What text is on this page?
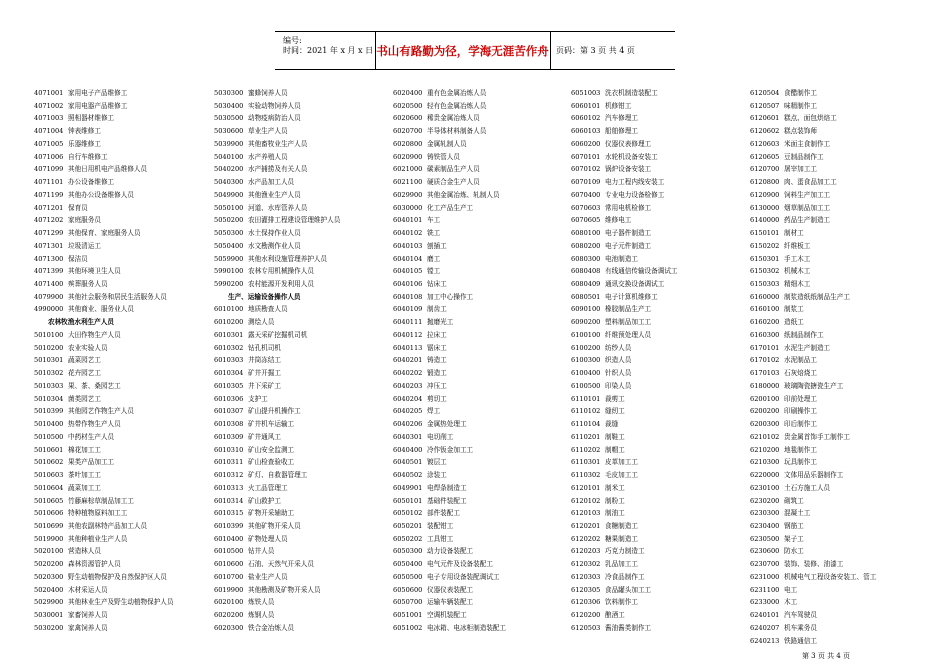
编号:
时间：2021 年 x 月 x 日 书山有路勤为径，学海无涯苦作舟 页码：第 3 页 共 4 页
4071001 家用电子产品维修工
4071002 家用电器产品维修工
4071003 照相器材维修工
4071004 钟表维修工
4071005 乐器维修工
4071006 自行车维修工
4071099 其他日用机电产品维修人员
4071101 办公设备维修工
4071199 其他办公设备维修人员
4071201 保育员
4071202 家庭服务员
4071299 其他保育、家庭服务人员
4071301 垃圾清运工
4071300 保洁员
4071399 其他环境卫生人员
4071400 殡葬服务人员
4079900 其他社会服务和居民生活服务人员
4990000 其他商业、服务业人员
农林牧渔水利生产人员
5010100 大田作物生产人员
5010200 农业实验人员
5010301 蔬菜园艺工
5010302 花卉园艺工
5010303 果、茶、桑园艺工
5010304 菌类园艺工
5010399 其他园艺作物生产人员
5010400 热带作物生产人员
5010500 中药材生产人员
5010601 棉花加工工
5010602 果类产品加工工
5010603 茶叶加工工
5010604 蔬菜加工工
5010605 竹藤麻棕草制品加工工
5010606 特种植物原料加工工
5010699 其他农副林特产品加工人员
5019900 其他种植业生产人员
5020100 营造林人员
5020200 森林资源管护人员
5020300 野生动植物保护及自然保护区人员
5020400 木材采运人员
5029900 其他林业生产及野生动植物保护人员
5030001 家畜饲养人员
5030200 家禽饲养人员
5030300 蜜蜂饲养人员
5030400 实验动物饲养人员
5030500 动物疫病防治人员
5030600 草业生产人员
5039900 其他畜牧业生产人员
5040100 水产养殖人员
5040200 水产捕捞及有关人员
5040300 水产品加工人员
5049900 其他渔业生产人员
5050100 河道、水库管养人员
5050200 农田灌排工程建设管理维护人员
5050300 水土保持作业人员
5050400 水文勘测作业人员
5059900 其他水利设施管理养护人员
5990100 农林专用机械操作人员
5990200 农村能源开发利用人员
生产、运输设备操作人员
6010100 地质勘查人员
6010200 测绘人员
6010301 露天采矿挖掘机司机
6010302 钻孔机司机
6010303 井筒冻结工
6010304 矿井开掘工
6010305 井下采矿工
6010306 支护工
6010307 矿山提升机操作工
6010308 矿井机车运输工
6010309 矿井通风工
6010310 矿山安全监测工
6010311 矿山检查验收工
6010312 矿灯、自救器管理工
6010313 火工品管理工
6010314 矿山救护工
6010315 矿物开采辅助工
6010399 其他矿物开采人员
6010400 矿物处理人员
6010500 钻井人员
6010600 石油、天然气开采人员
6010700 盐业生产人员
6019900 其他勘测及矿物开采人员
6020100 炼铁人员
6020200 炼钢人员
6020300 铁合金冶炼人员
6020400 重有色金属冶炼人员
6020500 轻有色金属冶炼人员
6020600 稀贵金属冶炼人员
6020700 半导体材料制备人员
6020800 金属轧制人员
6020900 铸铁管人员
6021000 碳素制品生产人员
6021100 硬质合金生产人员
6029900 其他金属冶炼、轧制人员
6030000 化工产品生产工
6040101 车工
6040102 铣工
6040103 刨插工
6040104 磨工
6040105 镗工
6040106 钻床工
6040108 加工中心操作工
6040109 制齿工
6040111 抛磨光工
6040112 拉床工
6040113 锯床工
6040201 铸造工
6040202 锻造工
6040203 冲压工
6040204 剪切工
6040205 焊工
6040206 金属热处理工
6040301 电切削工
6040400 冷作钣金加工工
6040501 镀层工
6040502 涂装工
6049901 电焊条制造工
6050101 基础件装配工
6050102 部件装配工
6050201 装配钳工
6050202 工具钳工
6050300 动力设备装配工
6050400 电气元件及设备装配工
6050500 电子专用设备装配调试工
6050600 仪器仪表装配工
6050700 运输车辆装配工
6051001 空调机装配工
6051002 电冰箱、电冰柜制造装配工
6051003 洗衣机制造装配工
6060101 机修钳工
6060102 汽车修理工
6060103 船舶修理工
6060200 仪器仪表修理工
6070101 水轮机设备安装工
6070102 锅炉设备安装工
6070109 电力工程内线安装工
6070400 专业电力设备检修工
6070603 常用电机检修工
6070605 维修电工
6080100 电子器件制造工
6080200 电子元件制造工
6080300 电池制造工
6080408 有线通信传输设备调试工
6080409 通讯交换设备调试工
6080501 电子计算机维修工
6090100 橡胶制品生产工
6090200 塑料制品加工工
6100100 纤维预处理人员
6100200 纺纱人员
6100300 织造人员
6100400 针织人员
6100500 印染人员
6110101 裁剪工
6110102 缝纫工
6110104 裁缝
6110201 制鞋工
6110202 制帽工
6110301 皮革加工工
6110302 毛皮加工工
6120101 制米工
6120102 制粉工
6120103 制油工
6120201 食糖制造工
6120202 糖果制造工
6120203 巧克力制造工
6120302 乳品加工工
6120303 冷食品制作工
6120305 食品罐头加工工
6120306 饮料制作工
6120200 酿酒工
6120503 酱油酱类制作工
6120504 食醋制作工
6120507 味精制作工
6120601 糕点、面包烘焙工
6120602 糕点装饰师
6120603 米面主食制作工
6120605 豆制品制作工
6120700 屠宰加工工
6120800 肉、蛋食品加工工
6120900 饲料生产加工工
6130000 烟草制品加工工
6140000 药品生产制造工
6150101 制材工
6150202 纤维板工
6150301 手工木工
6150302 机械木工
6150303 精细木工
6160000 制浆造纸纸制品生产工
6160100 制浆工
6160200 造纸工
6160300 纸制品制作工
6170101 水泥生产制造工
6170102 水泥制品工
6170103 石灰焙烧工
6180000 玻璃陶瓷搪瓷生产工
6200100 印前处理工
6200200 印刷操作工
6200300 印后制作工
6210102 贵金属首饰手工制作工
6210200 地毯制作工
6210300 玩具制作工
6220000 文体用品乐器制作工
6230100 土石方施工人员
6230200 砌筑工
6230300 混凝土工
6230400 钢筋工
6230500 架子工
6230600 防水工
6230700 装饰、装修、油漆工
6231000 机械电气工程设备安装工、管工
6231100 电工
6233000 木工
6240101 汽车驾驶员
6240207 机车乘务员
6240213 铁路通信工
第 3 页 共 4 页
